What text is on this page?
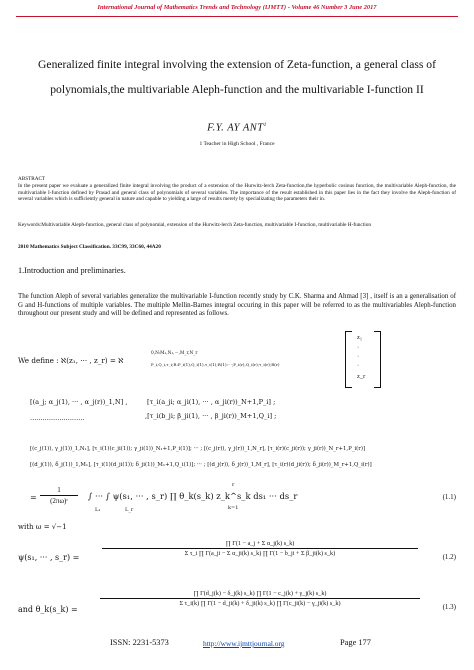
International Journal of Mathematics Trends and Technology (IJMTT) - Volume 46 Number 3 June 2017
Generalized finite integral involving the extension of Zeta-function, a general class of
polynomials,the multivariable Aleph-function and the multivariable I-function II
F.Y. AY ANT$^1$
1 Teacher in High School , France
ABSTRACT
In the present paper we evaluate a generalized finite integral involving the product of a extension of the Hurwitz-lerch Zeta-function,the hyperbolic cosinus function, the multivariable Aleph-function, the multivariable I-function defined by Prasad and general class of polynomials of several variables. The importance of the result established in this paper lies in the fact they involve the Aleph-function of several variables which is sufficiently general in nature and capable to yielding a large of results merely by specializating the parameters their in.
Keywords:Multivariable Aleph-function, general class of polynomial, extension of the Hurwitz-lerch Zeta-function, multivariable I-function, multivariable H-function
2010 Mathematics Subject Classification. 33C99, 33C60, 44A20
1.Introduction and preliminaries.
The function Aleph of several variables generalize the multivariable I-function recently study by C.K. Sharma and Ahmad [3] , itself is an a generalisation of G and H-functions of multiple variables. The multiple Mellin-Barnes integral occuring in this paper will be referred to as the multivariables Aleph-function throughout our present study and will be defined and represented as follows.
We define : ℵ(z₁, ··· , z_r) = ℵ
0,N:M₁,N₁,···,M_r,N_r
P_i,Q_i,τ_i;R:P_i(1),Q_i(1),τ_i(1);R(1):···;P_i(r),Q_i(r);τ_i(r);R(r)
z₁
·
·
·
z_r
[(a_j; α_j(1), ··· , α_j(r))_1,N] ,	[τ_i(a_ji; α_ji(1), ··· , α_ji(r))_N+1,P_i] ;
..........................	,[τ_i(b_ji; β_ji(1), ··· , β_ji(r))_M+1,Q_i] ;
[(c_j(1)), γ_j(1))_1,N₁], [τ_i(1)(c_ji(1)); γ_ji(1))_N₁+1,P_i(1)]; ··· ; [(c_j(r)), γ_j(r))_1,N_r], [τ_i(r)(c_ji(r)); γ_ji(r))_N_r+1,P_i(r)]
[(d_j(1)), δ_j(1))_1,M₁], [τ_i(1)(d_ji(1)); δ_ji(1))_M₁+1,Q_i(1)]; ··· ; [(d_j(r)), δ_j(r))_1,M_r], [τ_i(r)(d_ji(r)); δ_ji(r))_M_r+1,Q_i(r)]
1
(2πω)ʳ
=	∫ ··· ∫ ψ(s₁, ··· , s_r) ∏ θ_k(s_k) z_k^s_k ds₁ ··· ds_r
L₁	L_r
r
k=1
(1.1)
with ω = √−1
ψ(s₁, ··· , s_r) =
∏ Γ(1 − a_j + Σ α_j(k) s_k)
Σ τ_i ∏ Γ(a_ji − Σ α_ji(k) s_k) ∏ Γ(1 − b_ji + Σ β_ji(k) s_k)	(1.2)
and θ_k(s_k) =
∏ Γ(d_j(k) − δ_j(k) s_k) ∏ Γ(1 − c_j(k) + γ_j(k) s_k)
Σ τ_i(k) ∏ Γ(1 − d_ji(k) + δ_ji(k) s_k) ∏ Γ(c_ji(k) − γ_ji(k) s_k)	(1.3)
ISSN: 2231-5373	http://www.ijmttjournal.org	Page 177
